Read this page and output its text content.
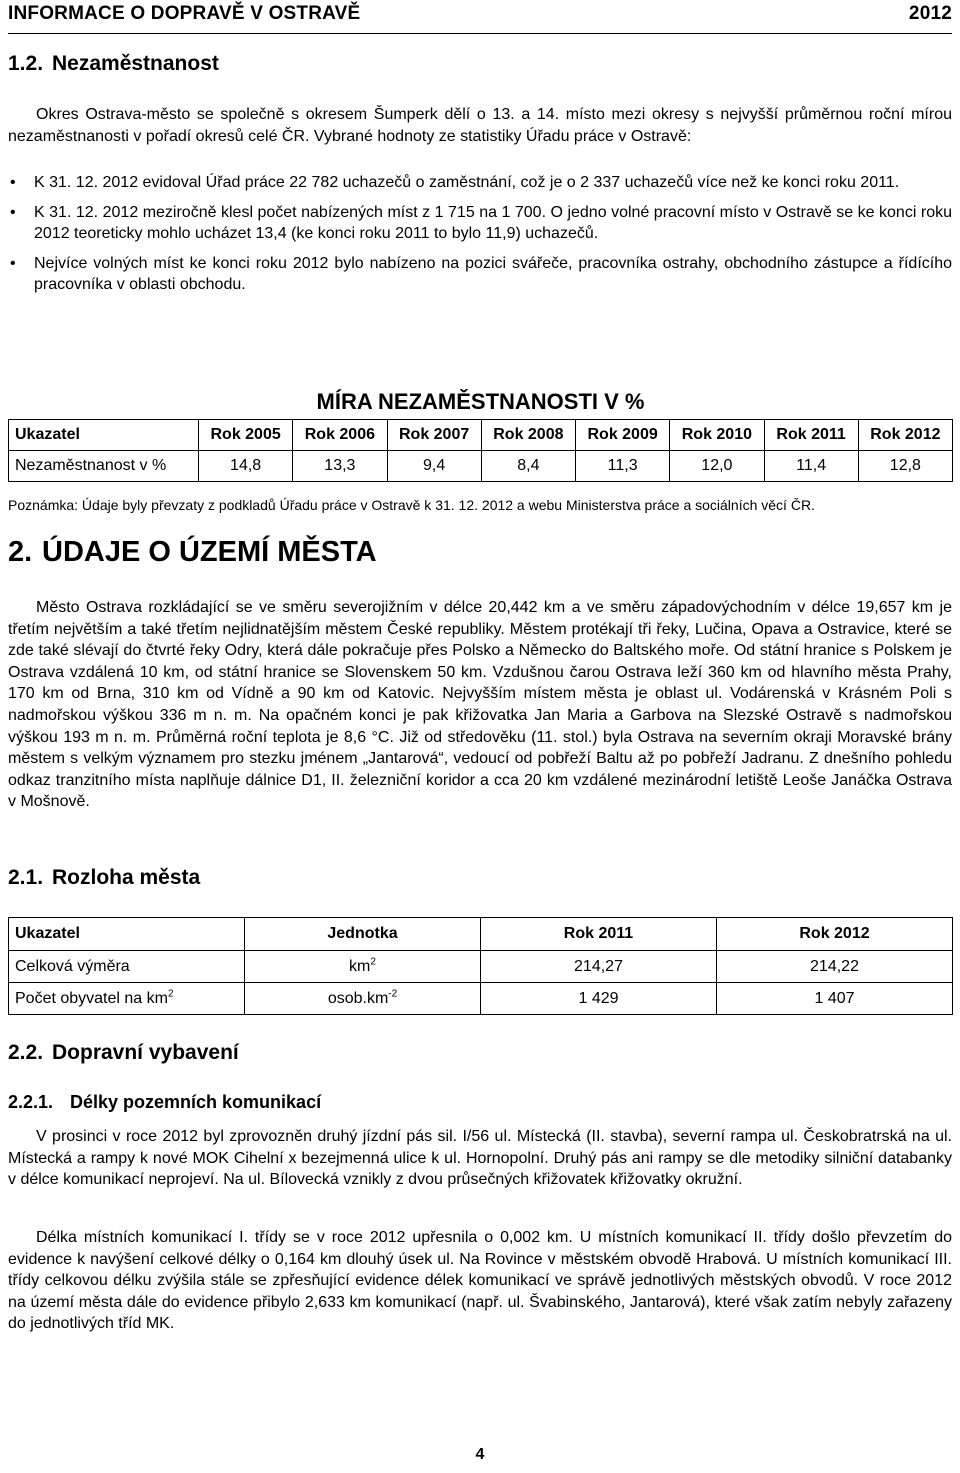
INFORMACE O DOPRAVĚ V OSTRAVĚ	2012
1.2. Nezaměstnanost

Okres Ostrava-město se společně s okresem Šumperk dělí o 13. a 14. místo mezi okresy s nejvyšší průměrnou roční mírou nezaměstnanosti v pořadí okresů celé ČR. Vybrané hodnoty ze statistiky Úřadu práce v Ostravě:

• K 31. 12. 2012 evidoval Úřad práce 22 782 uchazečů o zaměstnání, což je o 2 337 uchazečů více než ke konci roku 2011.
• K 31. 12. 2012 meziročně klesl počet nabízených míst z 1 715 na 1 700. O jedno volné pracovní místo v Ostravě se ke konci roku 2012 teoreticky mohlo ucházet 13,4 (ke konci roku 2011 to bylo 11,9) uchazečů.
• Nejvíce volných míst ke konci roku 2012 bylo nabízeno na pozici svářeče, pracovníka ostrahy, obchodního zástupce a řídícího pracovníka v oblasti obchodu.
MÍRA NEZAMĚSTNANOSTI V %								
Ukazatel	Rok 2005	Rok 2006	Rok 2007	Rok 2008	Rok 2009	Rok 2010	Rok 2011	Rok 2012
Nezaměstnanost v %	14,8	13,3	9,4	8,4	11,3	12,0	11,4	12,8
Poznámka: Údaje byly převzaty z podkladů Úřadu práce v Ostravě k 31. 12. 2012 a webu Ministerstva práce a sociálních věcí ČR.
2. ÚDAJE O ÚZEMÍ MĚSTA

Město Ostrava rozkládající se ve směru severojižním v délce 20,442 km a ve směru západovýchodním v délce 19,657 km je třetím největším a také třetím nejlidnatějším městem České republiky. Městem protékají tři řeky, Lučina, Opava a Ostravice, které se zde také slévají do čtvrté řeky Odry, která dále pokračuje přes Polsko a Německo do Baltského moře. Od státní hranice s Polskem je Ostrava vzdálená 10 km, od státní hranice se Slovenskem 50 km. Vzdušnou čarou Ostrava leží 360 km od hlavního města Prahy, 170 km od Brna, 310 km od Vídně a 90 km od Katovic. Nejvyšším místem města je oblast ul. Vodárenská v Krásném Poli s nadmořskou výškou 336 m n. m. Na opačném konci je pak křižovatka Jan Maria a Garbova na Slezské Ostravě s nadmořskou výškou 193 m n. m. Průměrná roční teplota je 8,6 °C. Již od středověku (11. stol.) byla Ostrava na severním okraji Moravské brány městem s velkým významem pro stezku jménem „Jantarová“, vedoucí od pobřeží Baltu až po pobřeží Jadranu. Z dnešního pohledu odkaz tranzitního místa naplňuje dálnice D1, II. železniční koridor a cca 20 km vzdálené mezinárodní letiště Leoše Janáčka Ostrava v Mošnově.

2.1. Rozloha města
Ukazatel	Jednotka	Rok 2011	Rok 2012
Celková výměra	$km^2$	214,27	214,22
Počet obyvatel na $km^2$	$osob.km^{-2}$	1 429	1 407
2.2. Dopravní vybavení
2.2.1. Délky pozemních komunikací

V prosinci v roce 2012 byl zprovozněn druhý jízdní pás sil. I/56 ul. Místecká (II. stavba), severní rampa ul. Českobratrská na ul. Místecká a rampy k nové MOK Cihelní x bezejmenná ulice k ul. Hornopolní. Druhý pás ani rampy se dle metodiky silniční databanky v délce komunikací neprojeví. Na ul. Bílovecká vznikly z dvou průsečných křižovatek křižovatky okružní.

Délka místních komunikací I. třídy se v roce 2012 upřesnila o 0,002 km. U místních komunikací II. třídy došlo převzetím do evidence k navýšení celkové délky o 0,164 km dlouhý úsek ul. Na Rovince v městském obvodě Hrabová. U místních komunikací III. třídy celkovou délku zvýšila stále se zpřesňující evidence délek komunikací ve správě jednotlivých městských obvodů. V roce 2012 na území města dále do evidence přibylo 2,633 km komunikací (např. ul. Švabinského, Jantarová), které však zatím nebyly zařazeny do jednotlivých tříd MK.

4
